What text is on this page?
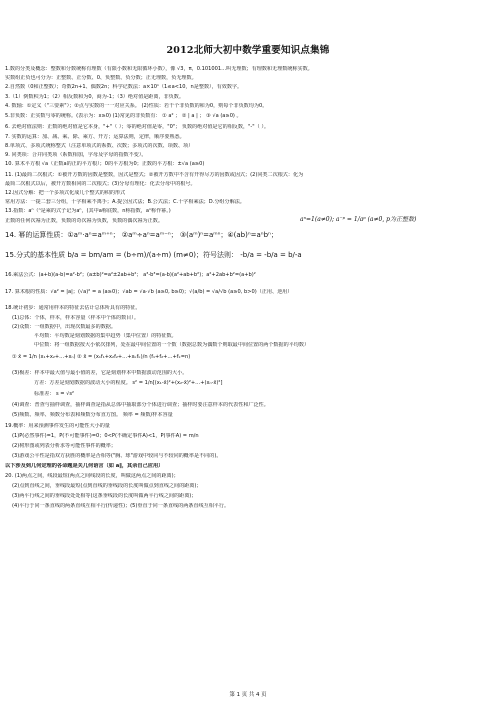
2012北师大初中数学重要知识点集锦
1.数的分类及概念：整数和分数统称有理数（有限小数和无限循环小数），像 √3，π，0.101001…叫无理数；有理数和无理数统称实数。
实数组正负也可分为：正整数、正分数、0、负整数、负分数；正无理数，负无理数。
2.自然数（0和正整数）；奇数2n+1、偶数2n；科学记数法：a×10ⁿ（1≤a<10，n是整数），有效数字。
3.（1）倒数积为1；（2）相反数和为0，商为-1；（3）绝对值是距离，非负数。
4. 数轴：①定义（"三要素"）；②点与实数的一一对应关系。 (2)性质：若干个非负数的和为0，则每个非负数均为0。
5.非负数：正实数与零的统称。(表示为：x≥0) (1)常见的非负数有： ① a² ； ② | a | ； ③ √a (a≥0) 。
6. 去绝对值法则：正数的绝对值是它本身，"+"（ ）；零的绝对值是零，"0"； 负数的绝对值是它的相反数，"-"（ ）。
7. 实数的运算：加、减、乘、除、乘方、开方；运算法则，定律，顺序要熟悉。
8.单项式、多项式统称整式（注意单项式的系数、次数；多项式的次数、项数、项）
9. 同类项：合并同类项（系数相加，字母及字母的指数不变）。
10. 算术平方根 √a（正数a的正的平方根）；0的平方根为0；正数的平方根：±√a (a≥0)
11. (1)最简二次根式：①被开方数的因数是整数，因式是整式；②被开方数中不含有开得尽方的因数或因式；(2)同类二次根式：化为
最简二次根式以后，被开方数相同的二次根式；(3)分母有理化：化去分母中的根号。
12.因式分解：把一个多项式化成几个整式的积的形式
常用方法：一提二套三分组，十字相乘不离手；A.提公因式法；B.公式法；C.十字相乘法；D.分组分解法。
13.指数：aⁿ（ⁿ是乘的式子记为aⁿ，(其中a称底数，n称指数，aⁿ称作幂。)
正数的任何次幂为正数，负数的奇次幂为负数，负数的偶次幂为正数。	aⁿ=1(a≠0); a⁻ᵖ = 1/aᵖ (a≠0, p为正整数)
14. 幂的运算性质：①aᵐ·aⁿ=aᵐ⁺ⁿ； ②aᵐ÷aⁿ=aᵐ⁻ⁿ； ③(aᵐ)ⁿ=aᵐⁿ；④(ab)ⁿ=aⁿbⁿ；
15.分式的基本性质 b/a = bm/am = (b÷m)/(a÷m) (m≠0)；符号法则： -b/a = -b/a = b/-a
16.乘法公式：(a+b)(a-b)=a²-b²；(a±b)²=a²±2ab+b²； a³-b³=(a-b)(a²+ab+b²)；a²+2ab+b²=(a+b)²
17. 算术根的性质：√a² = |a|；(√a)² = a (a≥0)；√ab = √a·√b (a≥0, b≥0)；√(a/b) = √a/√b (a≥0, b>0)（正用、逆用）
18.统计初步：通常用样本的特征去估计总体所具有的特征。
(1)总体：个体，样本，样本容量（样本中个体的数目）。
(2)众数：一组数据中，出现次数最多的数据。
平均数：平均数是刻划数据的集中趋势（集中位置）的特征数。
中位数：将一组数据按大小依次排列，处在最中间位置的一个数（数据总数为偶数个则取最中间位置的两个数据的平均数）
① x̄ = 1/n (x₁+x₂+…+xₙ) ② x̄ = (x₁f₁+x₂f₂+…+xₖfₖ)/n (f₁+f₂+…+fₖ=n)
(3)极差：样本中最大值与最小值的差，它是刻划样本中数据波动范围的大小。
方差：方差是刻划数据的波动大小的程度。 s² = 1/n[(x₁-x̄)²+(x₂-x̄)²+…+(xₙ-x̄)²]
标准差： s = √s²
(4)调查：普查与抽样调查，抽样调查是指从总体中抽取部分个体进行调查；抽样时要注意样本的代表性和广泛性。
(5)频数、频率、频数分布表和频数分布直方图。 频率 = 频数/样本容量
19.概率：用来预测事件发生的可能性大小的量
(1)P(必然事件)=1，P(不可能事件)=0；0<P(不确定事件A)<1，P(事件A) = m/n
(2)树形图或列表分析求等可能性事件的概率；
(3)游戏公平性是指双方获胜的概率是否相等("胸、球"游戏中较同与不较同的概率是不同的)。
以下涉及到几何定理的各命题是关几何语言（如 a∥，其余自己应用）
20. (1)两点之间，线段最短(两点之间线段的长度，叫做这两点之间的距离)；
(2)点到直线之间，垂线段最短(点到直线的垂线段的长度叫做点到直线之间的距离)；
(3)两平行线之间的垂线段处处相等(这条垂线段的长度叫做两平行线之间的距离)；
(4)平行于同一条直线的两条直线互相平行(传递性)；(5)垂直于同一条直线的两条直线互相平行。
第 1 页 共 4 页
